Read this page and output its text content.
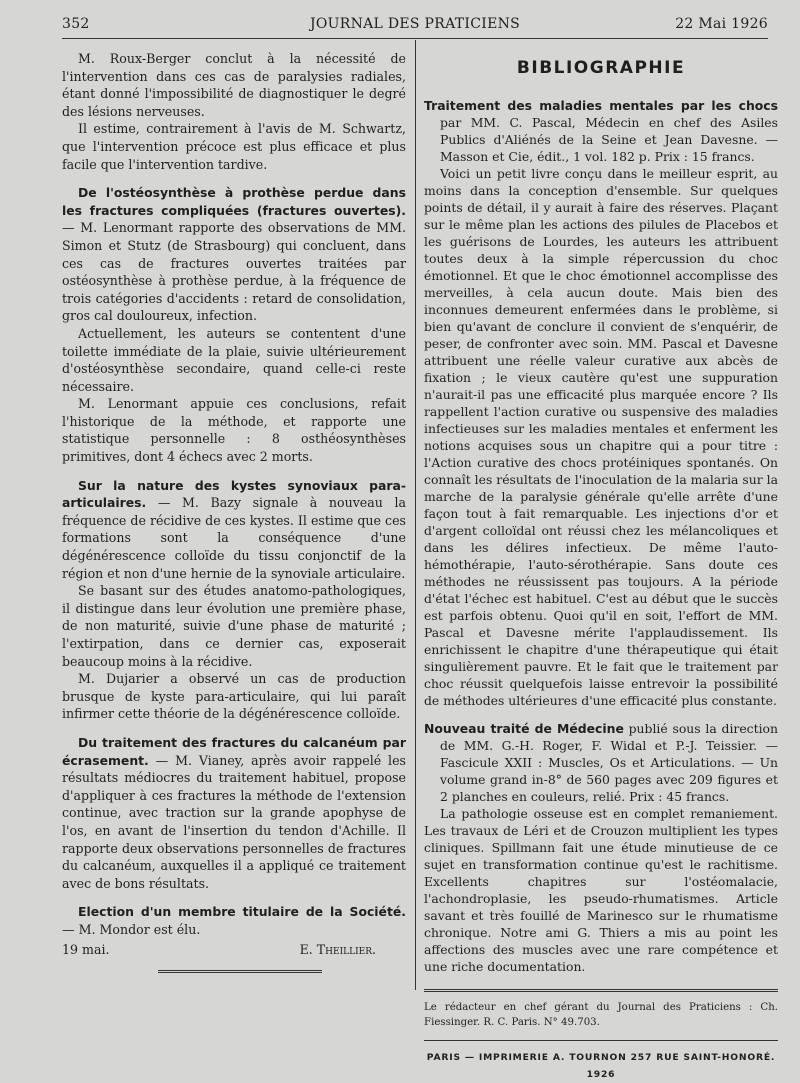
352	JOURNAL DES PRATICIENS	22 Mai 1926

M. Roux-Berger conclut à la nécessité de l'intervention dans ces cas de paralysies radiales, étant donné l'impossibilité de diagnostiquer le degré des lésions nerveuses.

Il estime, contrairement à l'avis de M. Schwartz, que l'intervention précoce est plus efficace et plus facile que l'intervention tardive.

De l'ostéosynthèse à prothèse perdue dans les fractures compliquées (fractures ouvertes). — M. Lenormant rapporte des observations de MM. Simon et Stutz (de Strasbourg) qui concluent, dans ces cas de fractures ouvertes traitées par ostéosynthèse à prothèse perdue, à la fréquence de trois catégories d'accidents : retard de consolidation, gros cal douloureux, infection.

Actuellement, les auteurs se contentent d'une toilette immédiate de la plaie, suivie ultérieurement d'ostéosynthèse secondaire, quand celle-ci reste nécessaire.

M. Lenormant appuie ces conclusions, refait l'historique de la méthode, et rapporte une statistique personnelle : 8 osthéosynthèses primitives, dont 4 échecs avec 2 morts.

Sur la nature des kystes synoviaux para-articulaires. — M. Bazy signale à nouveau la fréquence de récidive de ces kystes. Il estime que ces formations sont la conséquence d'une dégénérescence colloïde du tissu conjonctif de la région et non d'une hernie de la synoviale articulaire.

Se basant sur des études anatomo-pathologiques, il distingue dans leur évolution une première phase, de non maturité, suivie d'une phase de maturité ; l'extirpation, dans ce dernier cas, exposerait beaucoup moins à la récidive.

M. Dujarier a observé un cas de production brusque de kyste para-articulaire, qui lui paraît infirmer cette théorie de la dégénérescence colloïde.

Du traitement des fractures du calcanéum par écrasement. — M. Vianey, après avoir rappelé les résultats médiocres du traitement habituel, propose d'appliquer à ces fractures la méthode de l'extension continue, avec traction sur la grande apophyse de l'os, en avant de l'insertion du tendon d'Achille. Il rapporte deux observations personnelles de fractures du calcanéum, auxquelles il a appliqué ce traitement avec de bons résultats.

Election d'un membre titulaire de la Société. — M. Mondor est élu.

19 mai.	E. Theillier.
BIBLIOGRAPHIE

Traitement des maladies mentales par les chocs par MM. C. Pascal, Médecin en chef des Asiles Publics d'Aliénés de la Seine et Jean Davesne. — Masson et Cie, édit., 1 vol. 182 p. Prix : 15 francs.

Voici un petit livre conçu dans le meilleur esprit, au moins dans la conception d'ensemble. Sur quelques points de détail, il y aurait à faire des réserves. Plaçant sur le même plan les actions des pilules de Placebos et les guérisons de Lourdes, les auteurs les attribuent toutes deux à la simple répercussion du choc émotionnel. Et que le choc émotionnel accomplisse des merveilles, à cela aucun doute. Mais bien des inconnues demeurent enfermées dans le problème, si bien qu'avant de conclure il convient de s'enquérir, de peser, de confronter avec soin. MM. Pascal et Davesne attribuent une réelle valeur curative aux abcès de fixation ; le vieux cautère qu'est une suppuration n'aurait-il pas une efficacité plus marquée encore ? Ils rappellent l'action curative ou suspensive des maladies infectieuses sur les maladies mentales et enferment les notions acquises sous un chapitre qui a pour titre : l'Action curative des chocs protéiniques spontanés. On connaît les résultats de l'inoculation de la malaria sur la marche de la paralysie générale qu'elle arrête d'une façon tout à fait remarquable. Les injections d'or et d'argent colloïdal ont réussi chez les mélancoliques et dans les délires infectieux. De même l'auto-hémothérapie, l'auto-sérothérapie. Sans doute ces méthodes ne réussissent pas toujours. A la période d'état l'échec est habituel. C'est au début que le succès est parfois obtenu. Quoi qu'il en soit, l'effort de MM. Pascal et Davesne mérite l'applaudissement. Ils enrichissent le chapitre d'une thérapeutique qui était singulièrement pauvre. Et le fait que le traitement par choc réussit quelquefois laisse entrevoir la possibilité de méthodes ultérieures d'une efficacité plus constante.

Nouveau traité de Médecine publié sous la direction de MM. G.-H. Roger, F. Widal et P.-J. Teissier. — Fascicule XXII : Muscles, Os et Articulations. — Un volume grand in-8° de 560 pages avec 209 figures et 2 planches en couleurs, relié. Prix : 45 francs.

La pathologie osseuse est en complet remaniement. Les travaux de Léri et de Crouzon multiplient les types cliniques. Spillmann fait une étude minutieuse de ce sujet en transformation continue qu'est le rachitisme. Excellents chapitres sur l'ostéomalacie, l'achondroplasie, les pseudo-rhumatismes. Article savant et très fouillé de Marinesco sur le rhumatisme chronique. Notre ami G. Thiers a mis au point les affections des muscles avec une rare compétence et une riche documentation.

Le rédacteur en chef gérant du Journal des Praticiens : Ch. Fiessinger. R. C. Paris. N° 49.703.
PARIS — IMPRIMERIE A. TOURNON 257 RUE SAINT-HONORÉ. 1926
